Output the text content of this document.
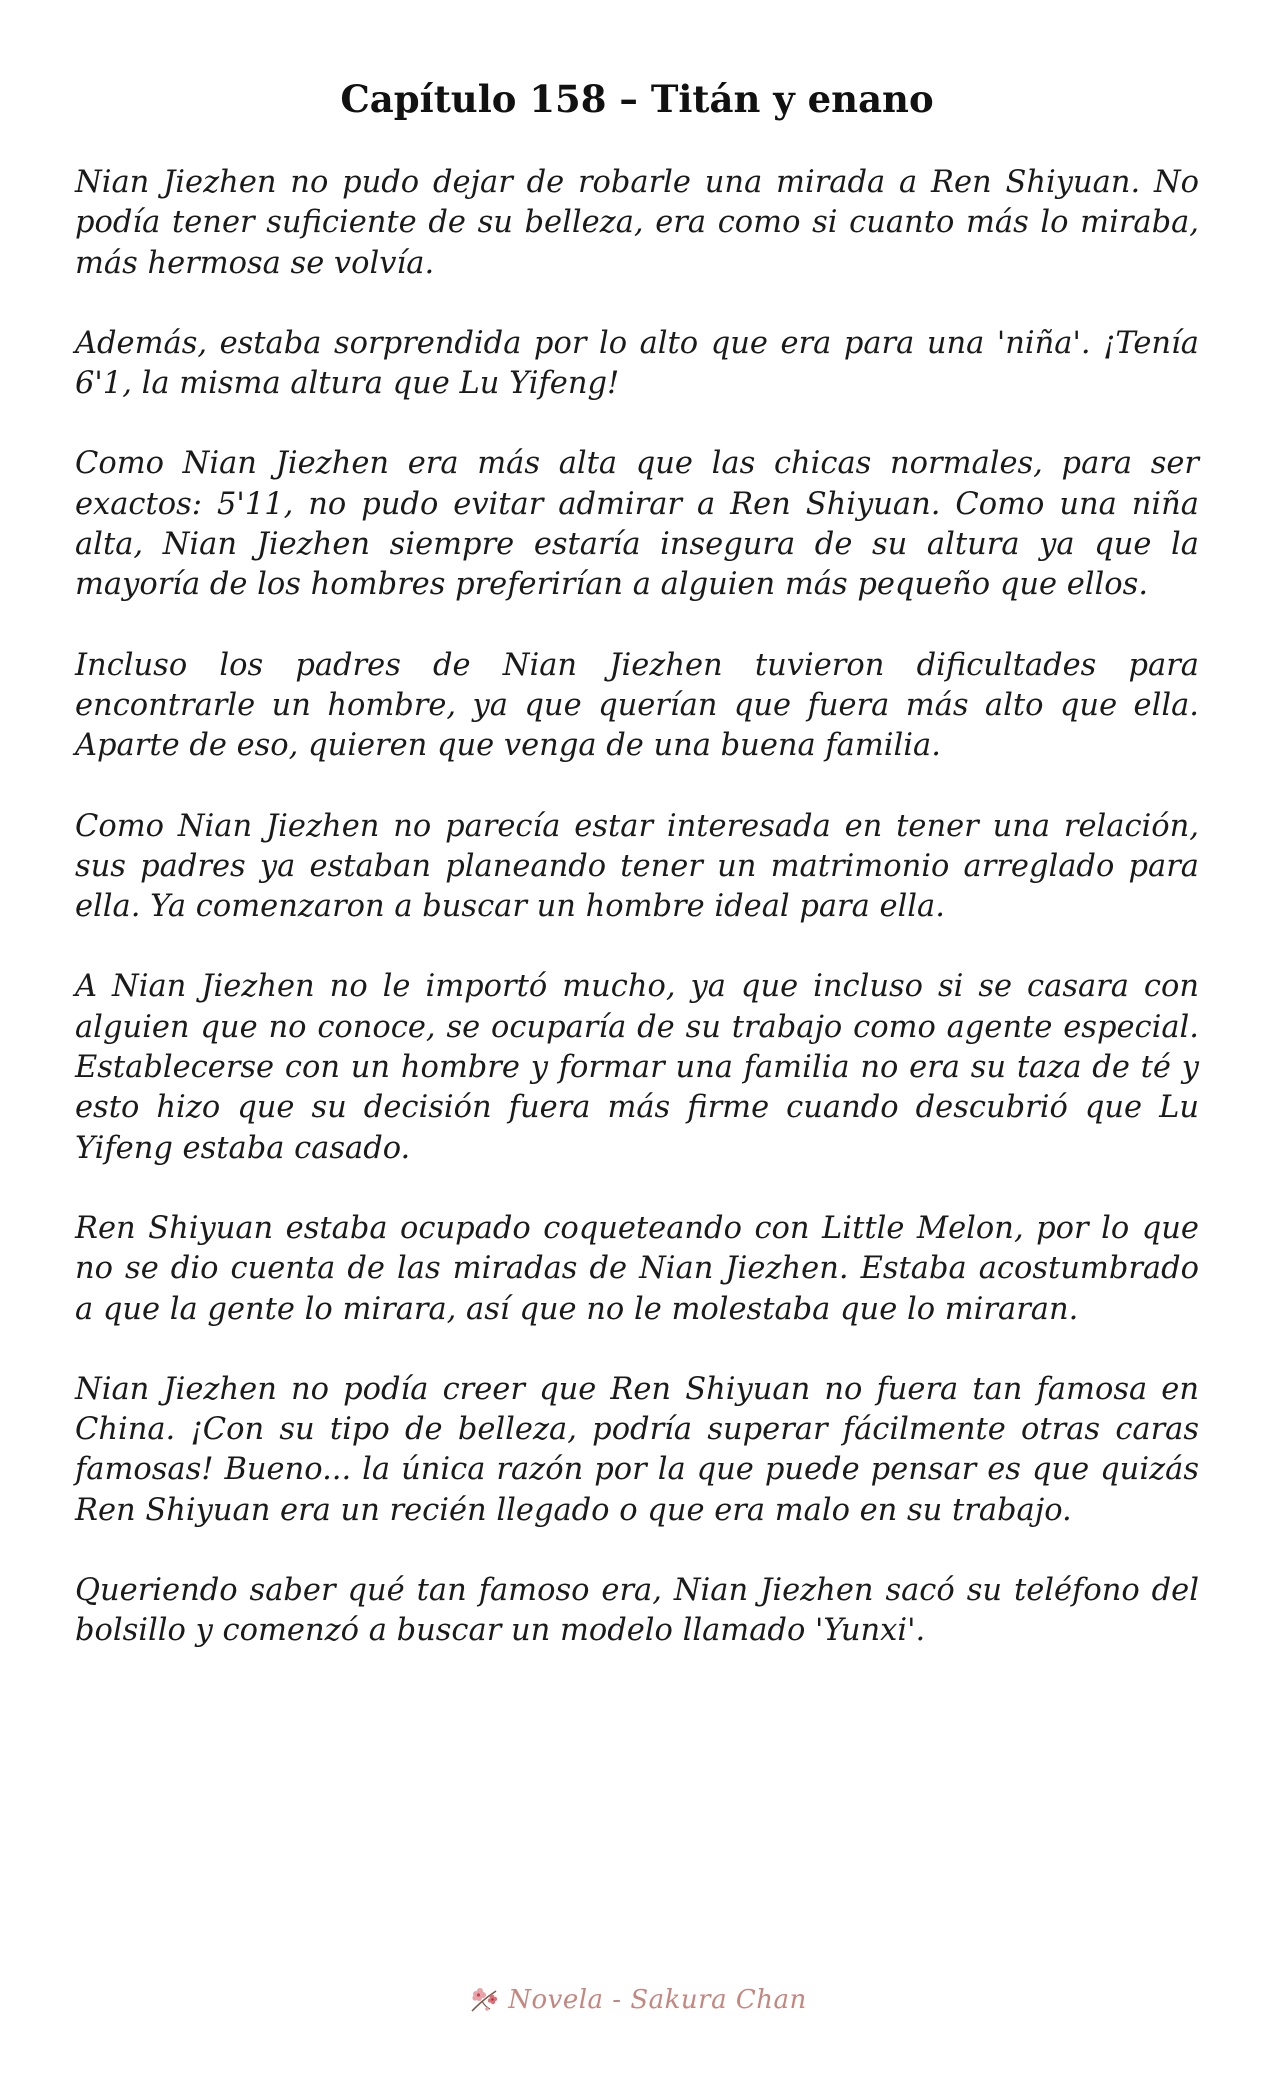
Capítulo 158 – Titán y enano

Nian Jiezhen no pudo dejar de robarle una mirada a Ren Shiyuan. No podía tener suficiente de su belleza, era como si cuanto más lo miraba, más hermosa se volvía.

Además, estaba sorprendida por lo alto que era para una 'niña'. ¡Tenía 6'1, la misma altura que Lu Yifeng!

Como Nian Jiezhen era más alta que las chicas normales, para ser exactos: 5'11, no pudo evitar admirar a Ren Shiyuan. Como una niña alta, Nian Jiezhen siempre estaría insegura de su altura ya que la mayoría de los hombres preferirían a alguien más pequeño que ellos.

Incluso los padres de Nian Jiezhen tuvieron dificultades para encontrarle un hombre, ya que querían que fuera más alto que ella. Aparte de eso, quieren que venga de una buena familia.

Como Nian Jiezhen no parecía estar interesada en tener una relación, sus padres ya estaban planeando tener un matrimonio arreglado para ella. Ya comenzaron a buscar un hombre ideal para ella.

A Nian Jiezhen no le importó mucho, ya que incluso si se casara con alguien que no conoce, se ocuparía de su trabajo como agente especial. Establecerse con un hombre y formar una familia no era su taza de té y esto hizo que su decisión fuera más firme cuando descubrió que Lu Yifeng estaba casado.

Ren Shiyuan estaba ocupado coqueteando con Little Melon, por lo que no se dio cuenta de las miradas de Nian Jiezhen. Estaba acostumbrado a que la gente lo mirara, así que no le molestaba que lo miraran.

Nian Jiezhen no podía creer que Ren Shiyuan no fuera tan famosa en China. ¡Con su tipo de belleza, podría superar fácilmente otras caras famosas! Bueno... la única razón por la que puede pensar es que quizás Ren Shiyuan era un recién llegado o que era malo en su trabajo.

Queriendo saber qué tan famoso era, Nian Jiezhen sacó su teléfono del bolsillo y comenzó a buscar un modelo llamado 'Yunxi'.

Novela - Sakura Chan
